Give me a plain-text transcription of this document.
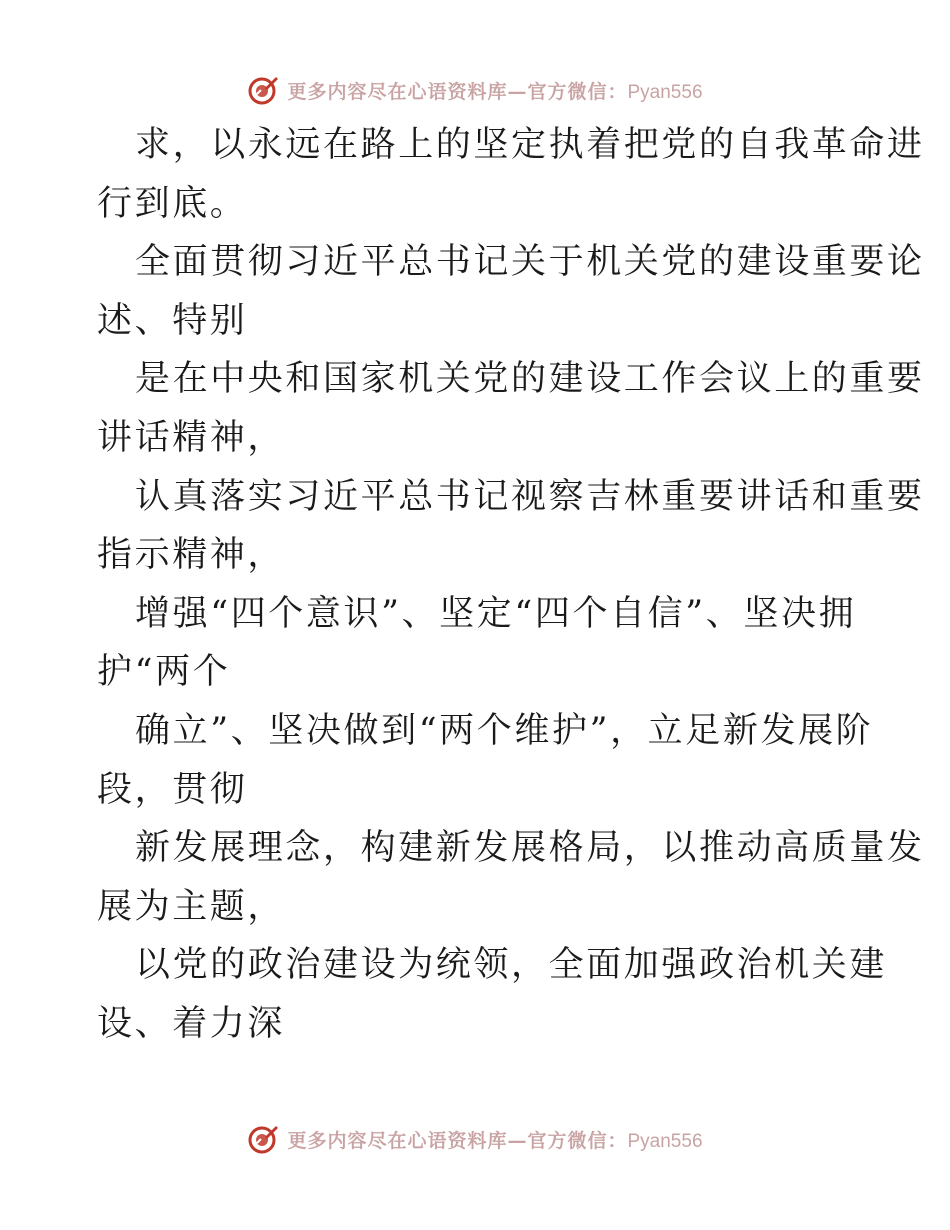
更多内容尽在心语资料库—官方微信：Pyan556
求，以永远在路上的坚定执着把党的自我革命进
行到底。
全面贯彻习近平总书记关于机关党的建设重要论
述、特别
是在中央和国家机关党的建设工作会议上的重要
讲话精神，
认真落实习近平总书记视察吉林重要讲话和重要
指示精神，
增强“四个意识”、坚定“四个自信”、坚决拥
护“两个
确立”、坚决做到“两个维护”，立足新发展阶
段，贯彻
新发展理念，构建新发展格局，以推动高质量发
展为主题，
以党的政治建设为统领，全面加强政治机关建
设、着力深
更多内容尽在心语资料库—官方微信：Pyan556
